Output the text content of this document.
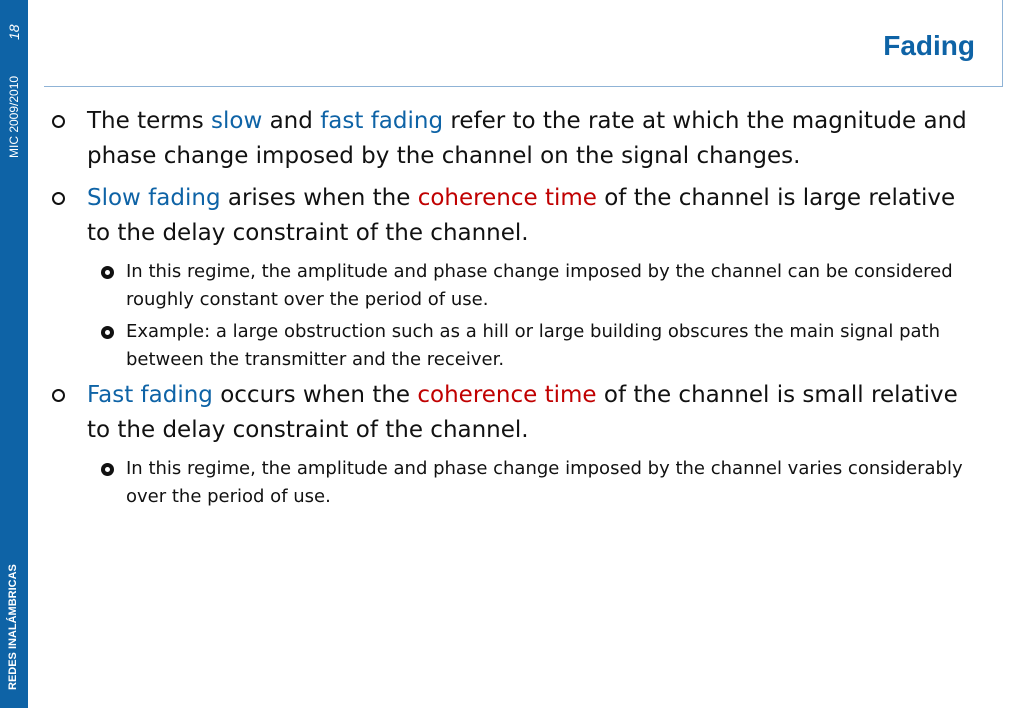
18
MIC 2009/2010
REDES INALÁMBRICAS
Fading
The terms slow and fast fading refer to the rate at which the magnitude and phase change imposed by the channel on the signal changes.
Slow fading arises when the coherence time of the channel is large relative to the delay constraint of the channel.
In this regime, the amplitude and phase change imposed by the channel can be considered roughly constant over the period of use.
Example: a large obstruction such as a hill or large building obscures the main signal path between the transmitter and the receiver.
Fast fading occurs when the coherence time of the channel is small relative to the delay constraint of the channel.
In this regime, the amplitude and phase change imposed by the channel varies considerably over the period of use.
